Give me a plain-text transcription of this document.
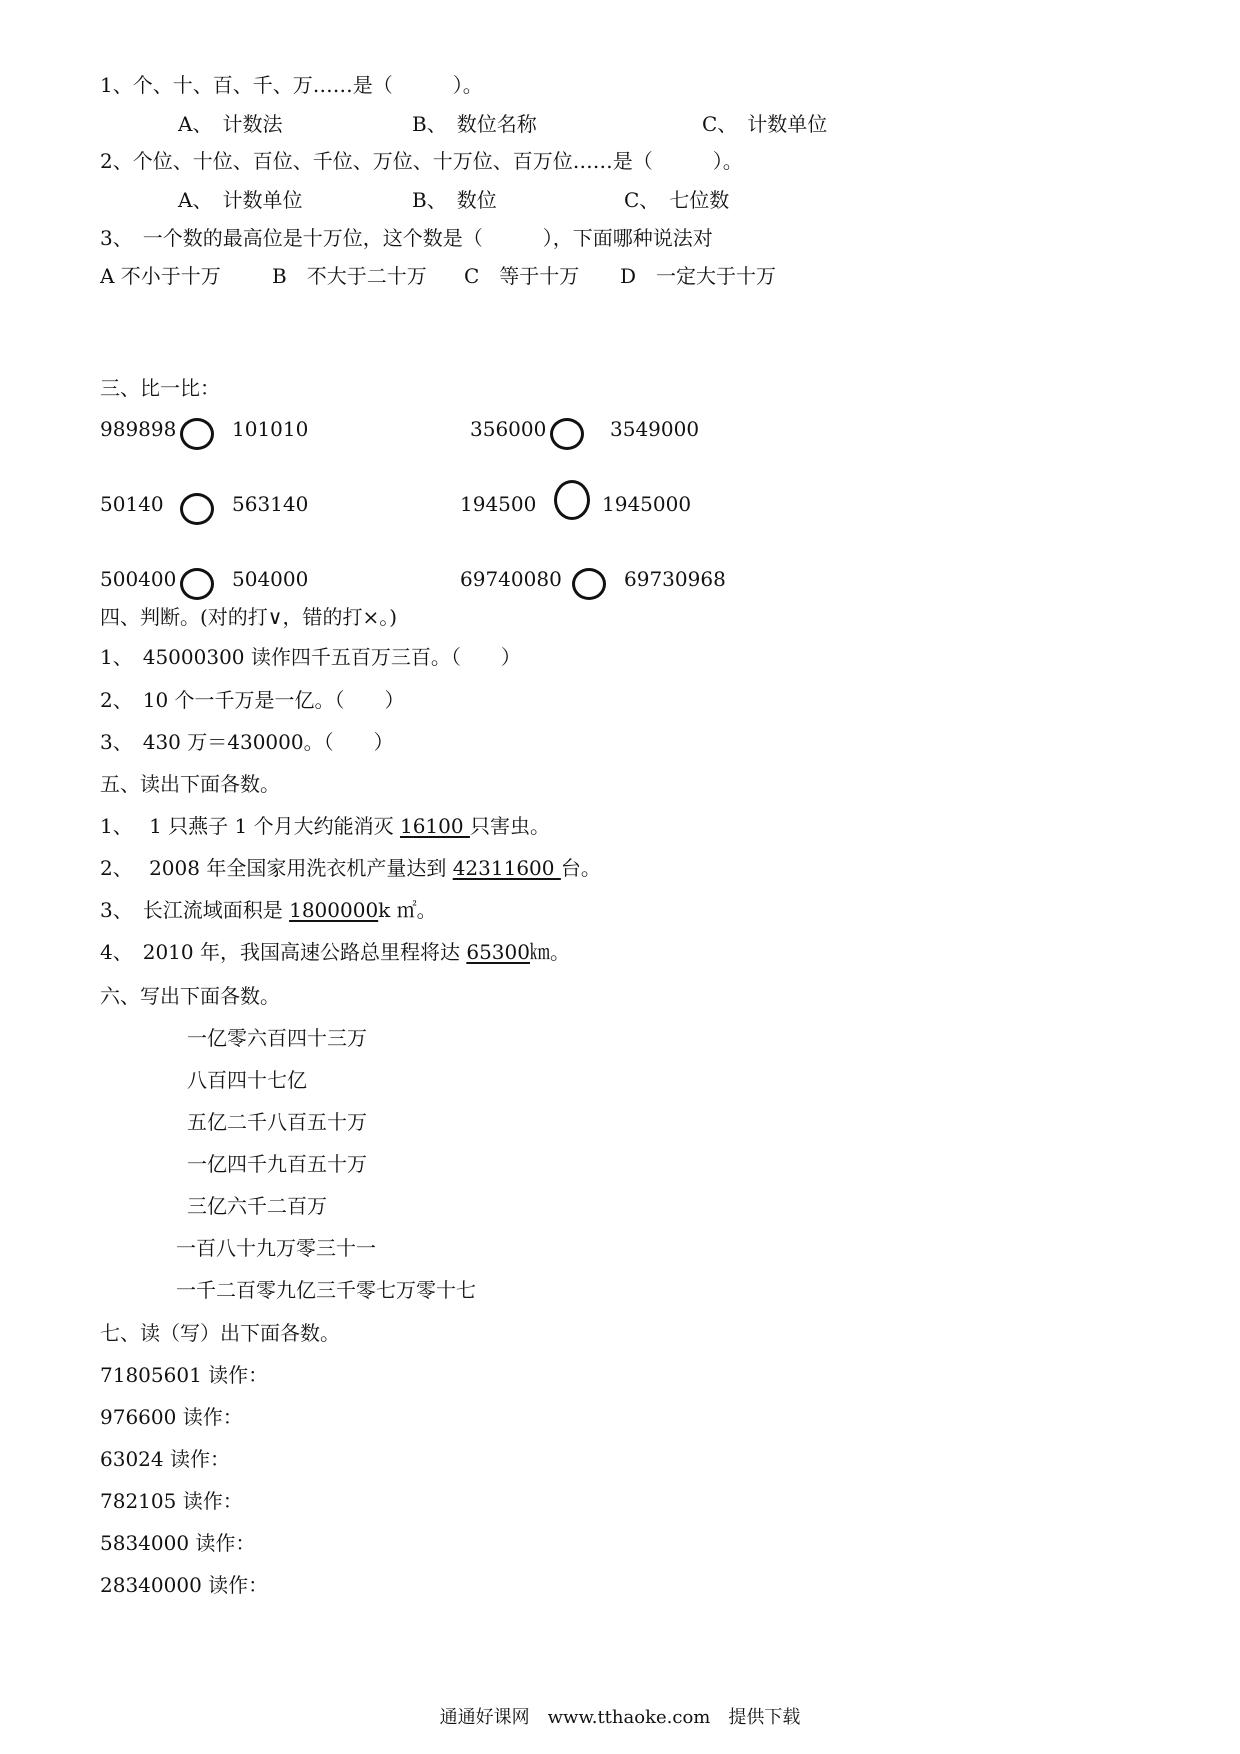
1、个、十、百、千、万……是（　　　）。
A、　计数法	B、　数位名称	C、　计数单位
2、个位、十位、百位、千位、万位、十万位、百万位……是（　　　）。
A、　计数单位	B、　数位	C、　七位数
3、　一个数的最高位是十万位，这个数是（　　　），下面哪种说法对
A 不小于十万	B　不大于二十万 C　等于十万 D　一定大于十万
三、比一比：
989898	101010	356000	3549000
50140	563140	194500	1945000
500400	504000	69740080	69730968
四、判断。(对的打∨，错的打×。)
1、　45000300 读作四千五百万三百。（　　）
2、　10 个一千万是一亿。（　　）
3、　430 万＝430000。（　　）
五、读出下面各数。
1、　 1 只燕子 1 个月大约能消灭 16100 只害虫。
2、　 2008 年全国家用洗衣机产量达到 42311600 台。
3、　长江流域面积是 1800000k ㎡。
4、　2010 年，我国高速公路总里程将达 65300㎞。
六、写出下面各数。
一亿零六百四十三万
八百四十七亿
五亿二千八百五十万
一亿四千九百五十万
三亿六千二百万
一百八十九万零三十一
一千二百零九亿三千零七万零十七
七、读（写）出下面各数。
71805601 读作：
976600 读作：
63024 读作：
782105 读作：
5834000 读作：
28340000 读作：
通通好课网　www.tthaoke.com　提供下载
